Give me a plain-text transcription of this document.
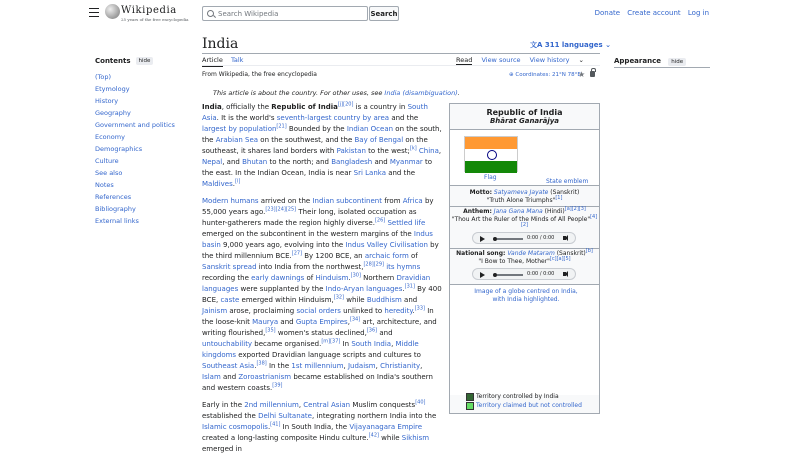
Wikipedia
25 years of the free encyclopedia
Search Wikipedia
Search	Donate Create account Log in
Contents	hide
(Top)
Etymology
History
Geography
Government and politics
Economy
Demographics
Culture
See also
Notes
References
Bibliography
External links
India	文A 311 languages ⌄
Article Talk	Read View source View history ⌄
From Wikipedia, the free encyclopedia	⊕ Coordinates: 21°N 78°E
★
This article is about the country. For other uses, see India (disambiguation).
Appearance hide

India, officially the Republic of India[j][20] is a country in South Asia. It is the world's seventh-largest country by area and the largest by population[21] Bounded by the Indian Ocean on the south, the Arabian Sea on the southwest, and the Bay of Bengal on the southeast, it shares land borders with Pakistan to the west;[k] China, Nepal, and Bhutan to the north; and Bangladesh and Myanmar to the east. In the Indian Ocean, India is near Sri Lanka and the Maldives.[l]

Modern humans arrived on the Indian subcontinent from Africa by 55,000 years ago.[23][24][25] Their long, isolated occupation as hunter-gatherers made the region highly diverse.[26] Settled life emerged on the subcontinent in the western margins of the Indus basin 9,000 years ago, evolving into the Indus Valley Civilisation by the third millennium BCE.[27] By 1200 BCE, an archaic form of Sanskrit spread into India from the northwest,[28][29] its hymns recording the early dawnings of Hinduism.[30] Northern Dravidian languages were supplanted by the Indo-Aryan languages.[31] By 400 BCE, caste emerged within Hinduism,[32] while Buddhism and Jainism arose, proclaiming social orders unlinked to heredity.[33] In the loose-knit Maurya and Gupta Empires,[34] art, architecture, and writing flourished,[35] women's status declined,[36] and untouchability became organised.[m][37] In South India, Middle kingdoms exported Dravidian language scripts and cultures to Southeast Asia.[38] In the 1st millennium, Judaism, Christianity, Islam and Zoroastrianism became established on India's southern and western coasts.[39]

Early in the 2nd millennium, Central Asian Muslim conquests[40] established the Delhi Sultanate, integrating northern India into the Islamic cosmopolis.[41] In South India, the Vijayanagara Empire created a long-lasting composite Hindu culture.[42] while Sikhism emerged in

Republic of India
Bhārat Ganarājya
Flag
State emblem
Motto: Satyameva Jayate (Sanskrit)
"Truth Alone Triumphs"[1]
Anthem: Jana Gana Mana (Hindi)[a][2][3]
"Thou Art the Ruler of the Minds of All People"[4][2]
0:00 / 0:00
National song: Vande Mataram (Sanskrit)[b]
"I Bow to Thee, Mother"[c][a][5]
0:00 / 0:00
Image of a globe centred on India, with India highlighted.
Territory controlled by India
Territory claimed but not controlled
